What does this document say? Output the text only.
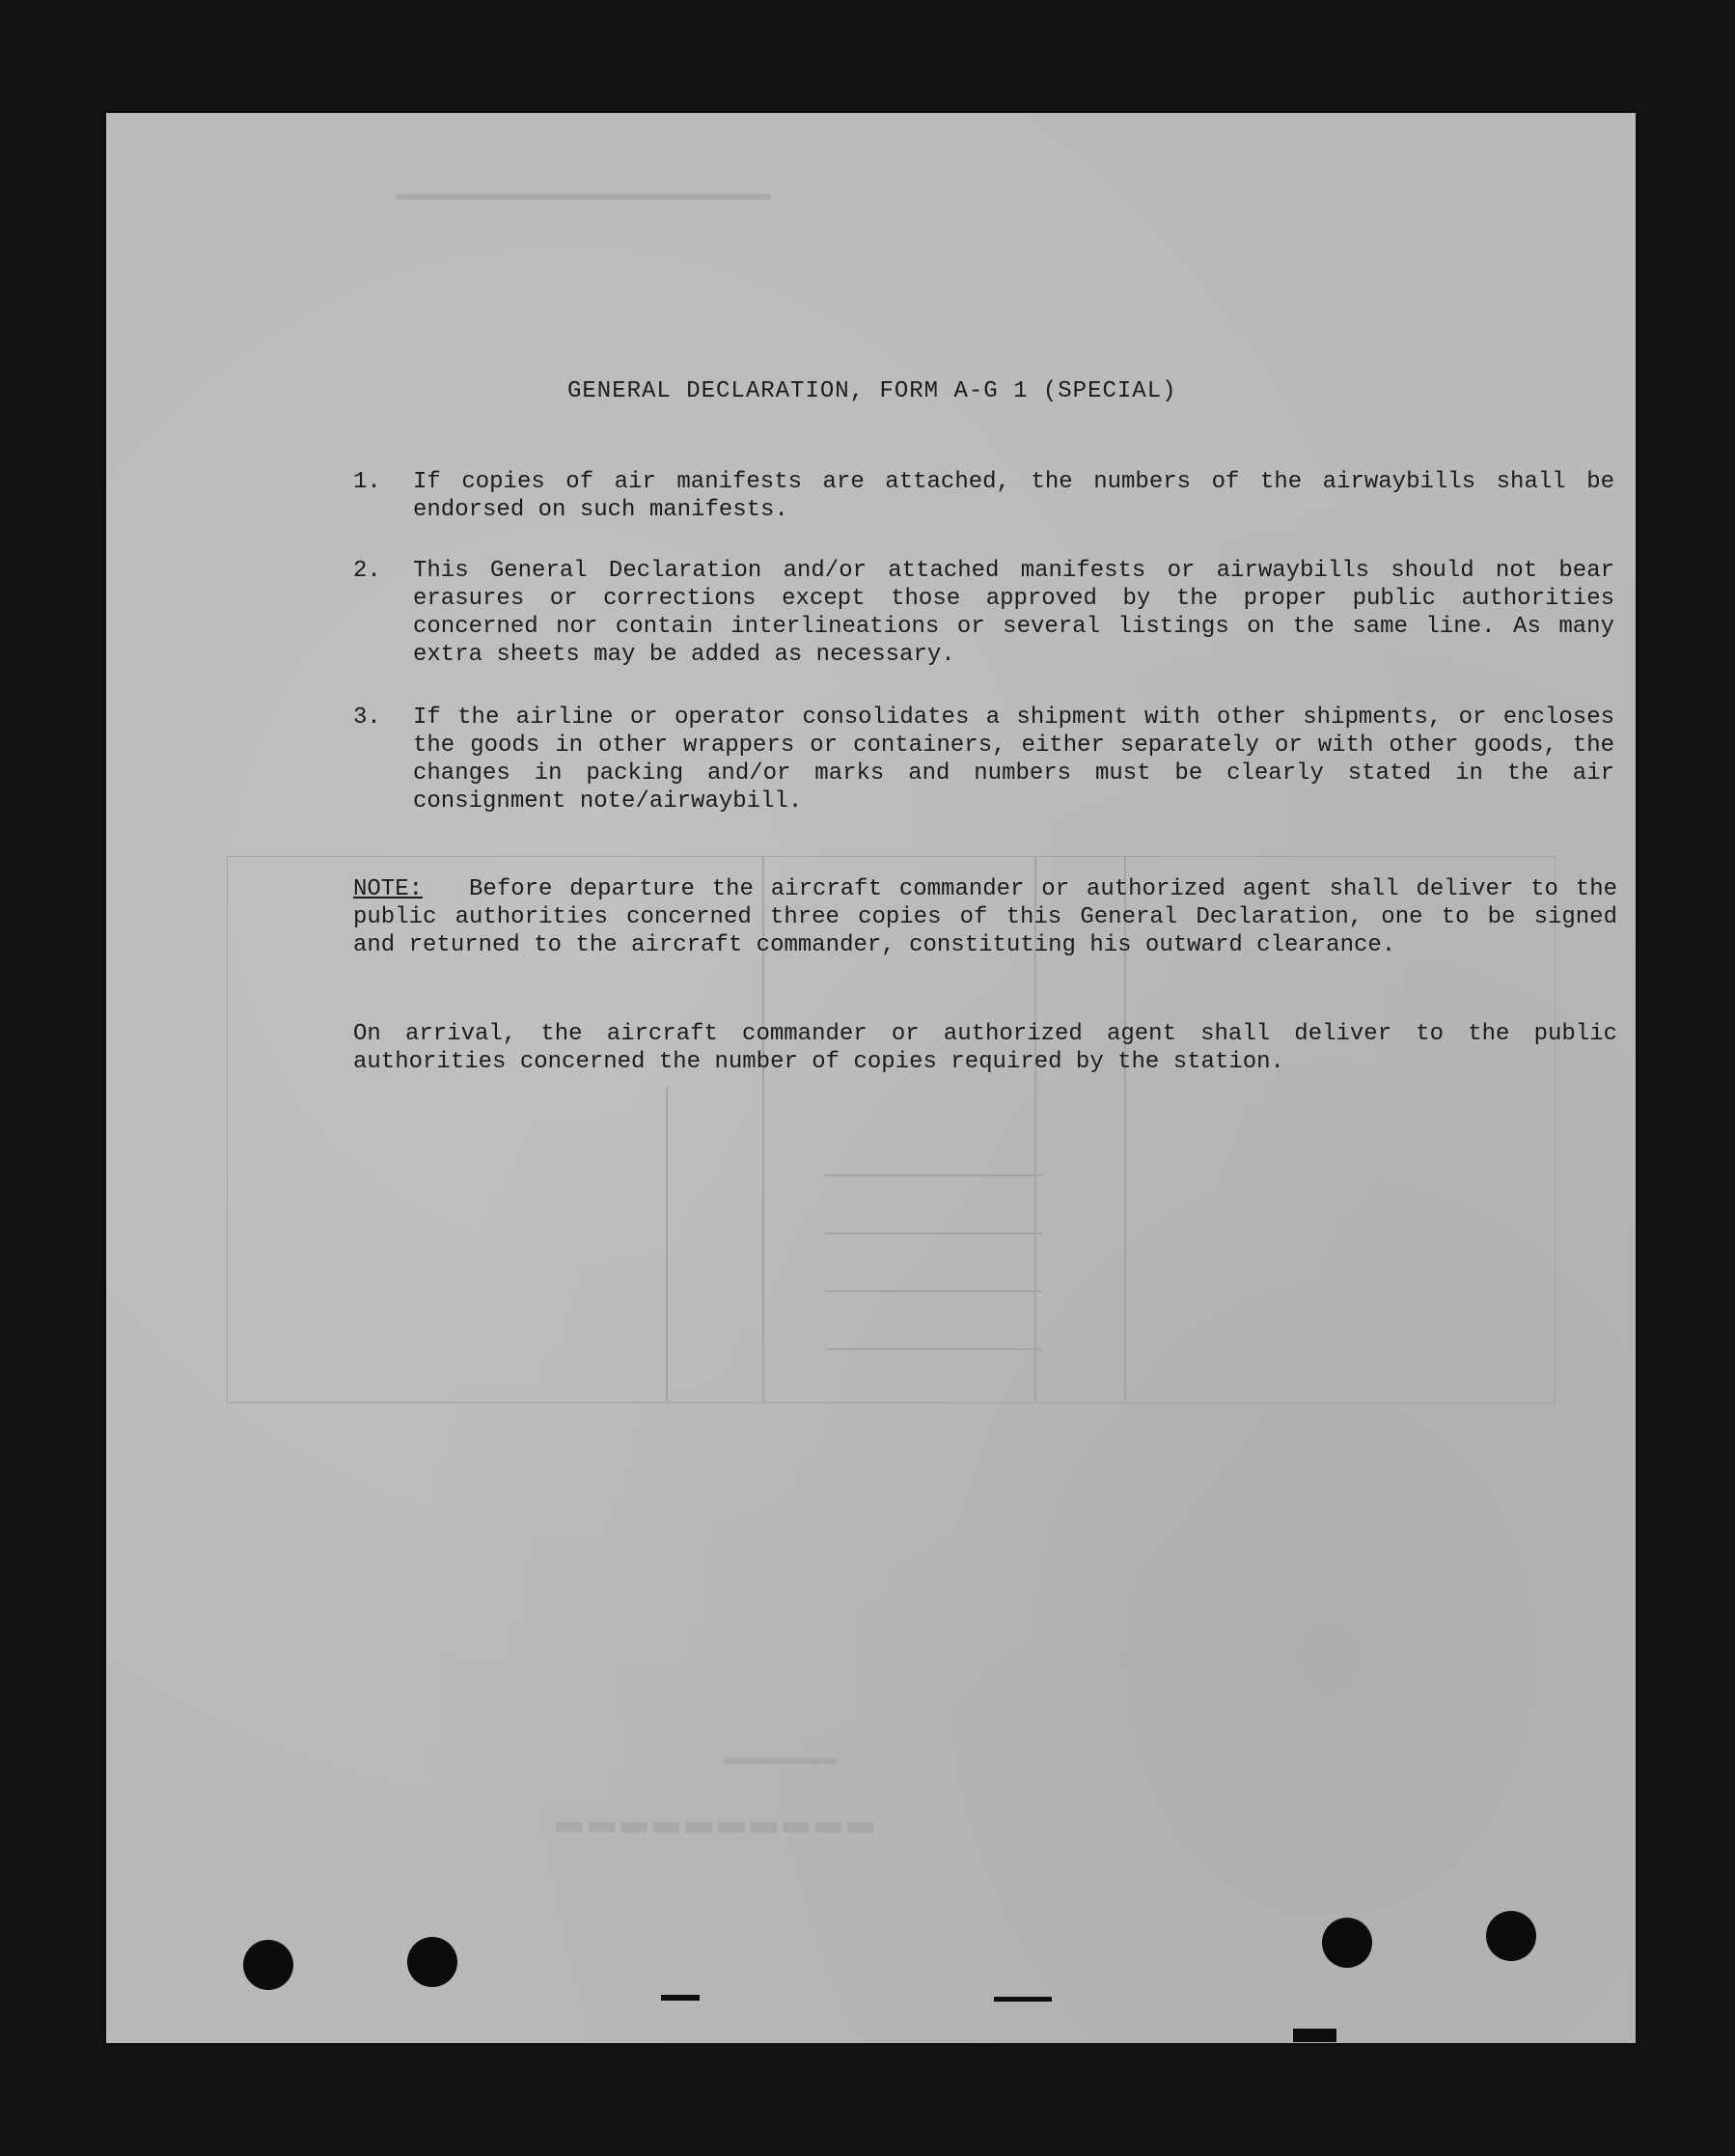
▬▬▬▬▬▬▬▬▬▬▬▬▬▬▬▬▬▬▬▬▬▬▬▬
▬▬▬▬▬▬▬▬▬▬
▬▬▬▬▬▬▬
GENERAL DECLARATION, FORM A-G 1 (SPECIAL)
1.	If copies of air manifests are attached, the numbers of the airwaybills shall be endorsed on such manifests.
2.	This General Declaration and/or attached manifests or airwaybills should not bear erasures or corrections except those approved by the proper public authorities concerned nor contain interlineations or several listings on the same line. As many extra sheets may be added as necessary.
3.	If the airline or operator consolidates a shipment with other shipments, or encloses the goods in other wrappers or containers, either separately or with other goods, the changes in packing and/or marks and numbers must be clearly stated in the air consignment note/airwaybill.
NOTE: Before departure the aircraft commander or authorized agent shall deliver to the public authorities concerned three copies of this General Declaration, one to be signed and returned to the aircraft commander, constituting his outward clearance.
On arrival, the aircraft commander or authorized agent shall deliver to the public authorities concerned the number of copies required by the station.
